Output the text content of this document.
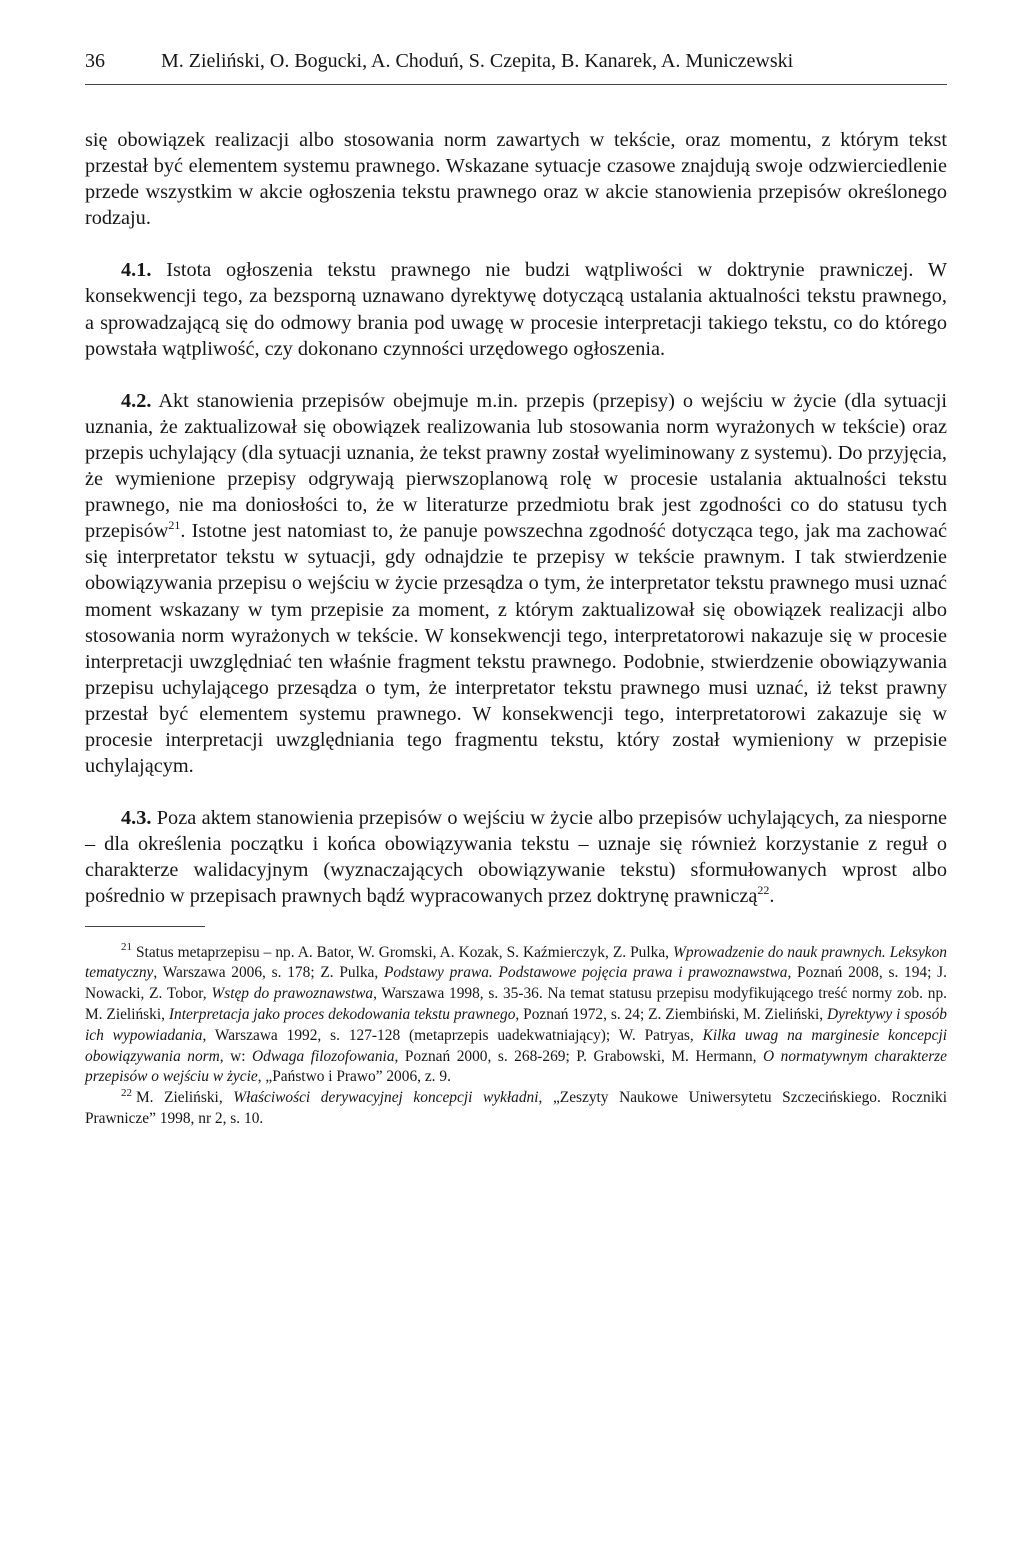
36	M. Zieliński, O. Bogucki, A. Choduń, S. Czepita, B. Kanarek, A. Municzewski

się obowiązek realizacji albo stosowania norm zawartych w tekście, oraz momentu, z którym tekst przestał być elementem systemu prawnego. Wskazane sytuacje czasowe znajdują swoje odzwierciedlenie przede wszystkim w akcie ogłoszenia tekstu prawnego oraz w akcie stanowienia przepisów określonego rodzaju.

4.1. Istota ogłoszenia tekstu prawnego nie budzi wątpliwości w doktrynie prawniczej. W konsekwencji tego, za bezsporną uznawano dyrektywę dotyczącą ustalania aktualności tekstu prawnego, a sprowadzającą się do odmowy brania pod uwagę w procesie interpretacji takiego tekstu, co do którego powstała wątpliwość, czy dokonano czynności urzędowego ogłoszenia.

4.2. Akt stanowienia przepisów obejmuje m.in. przepis (przepisy) o wejściu w życie (dla sytuacji uznania, że zaktualizował się obowiązek realizowania lub stosowania norm wyrażonych w tekście) oraz przepis uchylający (dla sytuacji uznania, że tekst prawny został wyeliminowany z systemu). Do przyjęcia, że wymienione przepisy odgrywają pierwszoplanową rolę w procesie ustalania aktualności tekstu prawnego, nie ma doniosłości to, że w literaturze przedmiotu brak jest zgodności co do statusu tych przepisów$^{21}$. Istotne jest natomiast to, że panuje powszechna zgodność dotycząca tego, jak ma zachować się interpretator tekstu w sytuacji, gdy odnajdzie te przepisy w tekście prawnym. I tak stwierdzenie obowiązywania przepisu o wejściu w życie przesądza o tym, że interpretator tekstu prawnego musi uznać moment wskazany w tym przepisie za moment, z którym zaktualizował się obowiązek realizacji albo stosowania norm wyrażonych w tekście. W konsekwencji tego, interpretatorowi nakazuje się w procesie interpretacji uwzględniać ten właśnie fragment tekstu prawnego. Podobnie, stwierdzenie obowiązywania przepisu uchylającego przesądza o tym, że interpretator tekstu prawnego musi uznać, iż tekst prawny przestał być elementem systemu prawnego. W konsekwencji tego, interpretatorowi zakazuje się w procesie interpretacji uwzględniania tego fragmentu tekstu, który został wymieniony w przepisie uchylającym.

4.3. Poza aktem stanowienia przepisów o wejściu w życie albo przepisów uchylających, za niesporne – dla określenia początku i końca obowiązywania tekstu – uznaje się również korzystanie z reguł o charakterze walidacyjnym (wyznaczających obowiązywanie tekstu) sformułowanych wprost albo pośrednio w przepisach prawnych bądź wypracowanych przez doktrynę prawniczą$^{22}$.

$^{21}$ Status metaprzepisu – np. A. Bator, W. Gromski, A. Kozak, S. Kaźmierczyk, Z. Pulka, Wprowadzenie do nauk prawnych. Leksykon tematyczny, Warszawa 2006, s. 178; Z. Pulka, Podstawy prawa. Podstawowe pojęcia prawa i prawoznawstwa, Poznań 2008, s. 194; J. Nowacki, Z. Tobor, Wstęp do prawoznawstwa, Warszawa 1998, s. 35-36. Na temat statusu przepisu modyfikującego treść normy zob. np. M. Zieliński, Interpretacja jako proces dekodowania tekstu prawnego, Poznań 1972, s. 24; Z. Ziembiński, M. Zieliński, Dyrektywy i sposób ich wypowiadania, Warszawa 1992, s. 127-128 (metaprzepis uadekwatniający); W. Patryas, Kilka uwag na marginesie koncepcji obowiązywania norm, w: Odwaga filozofowania, Poznań 2000, s. 268-269; P. Grabowski, M. Hermann, O normatywnym charakterze przepisów o wejściu w życie, „Państwo i Prawo” 2006, z. 9.

$^{22}$ M. Zieliński, Właściwości derywacyjnej koncepcji wykładni, „Zeszyty Naukowe Uniwersytetu Szczecińskiego. Roczniki Prawnicze” 1998, nr 2, s. 10.
